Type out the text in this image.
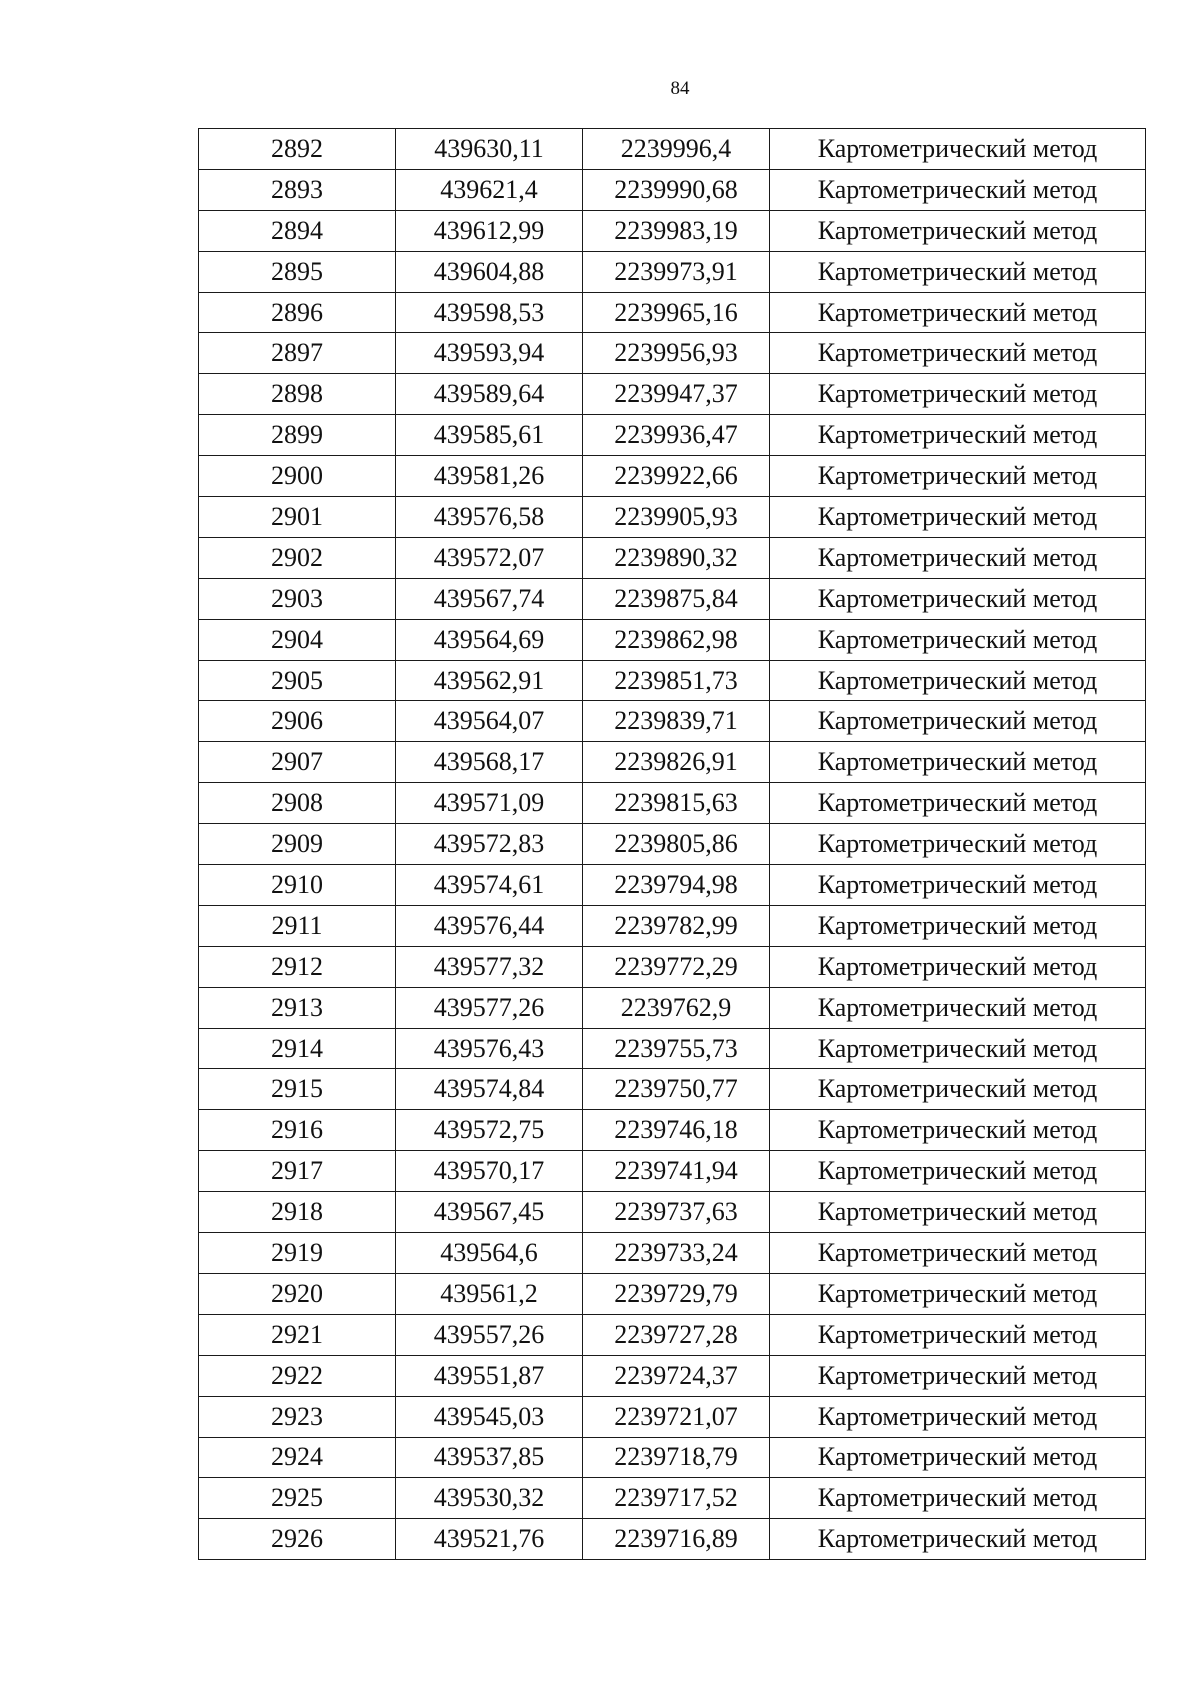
84
2892	439630,11	2239996,4	Картометрический метод
2893	439621,4	2239990,68	Картометрический метод
2894	439612,99	2239983,19	Картометрический метод
2895	439604,88	2239973,91	Картометрический метод
2896	439598,53	2239965,16	Картометрический метод
2897	439593,94	2239956,93	Картометрический метод
2898	439589,64	2239947,37	Картометрический метод
2899	439585,61	2239936,47	Картометрический метод
2900	439581,26	2239922,66	Картометрический метод
2901	439576,58	2239905,93	Картометрический метод
2902	439572,07	2239890,32	Картометрический метод
2903	439567,74	2239875,84	Картометрический метод
2904	439564,69	2239862,98	Картометрический метод
2905	439562,91	2239851,73	Картометрический метод
2906	439564,07	2239839,71	Картометрический метод
2907	439568,17	2239826,91	Картометрический метод
2908	439571,09	2239815,63	Картометрический метод
2909	439572,83	2239805,86	Картометрический метод
2910	439574,61	2239794,98	Картометрический метод
2911	439576,44	2239782,99	Картометрический метод
2912	439577,32	2239772,29	Картометрический метод
2913	439577,26	2239762,9	Картометрический метод
2914	439576,43	2239755,73	Картометрический метод
2915	439574,84	2239750,77	Картометрический метод
2916	439572,75	2239746,18	Картометрический метод
2917	439570,17	2239741,94	Картометрический метод
2918	439567,45	2239737,63	Картометрический метод
2919	439564,6	2239733,24	Картометрический метод
2920	439561,2	2239729,79	Картометрический метод
2921	439557,26	2239727,28	Картометрический метод
2922	439551,87	2239724,37	Картометрический метод
2923	439545,03	2239721,07	Картометрический метод
2924	439537,85	2239718,79	Картометрический метод
2925	439530,32	2239717,52	Картометрический метод
2926	439521,76	2239716,89	Картометрический метод
